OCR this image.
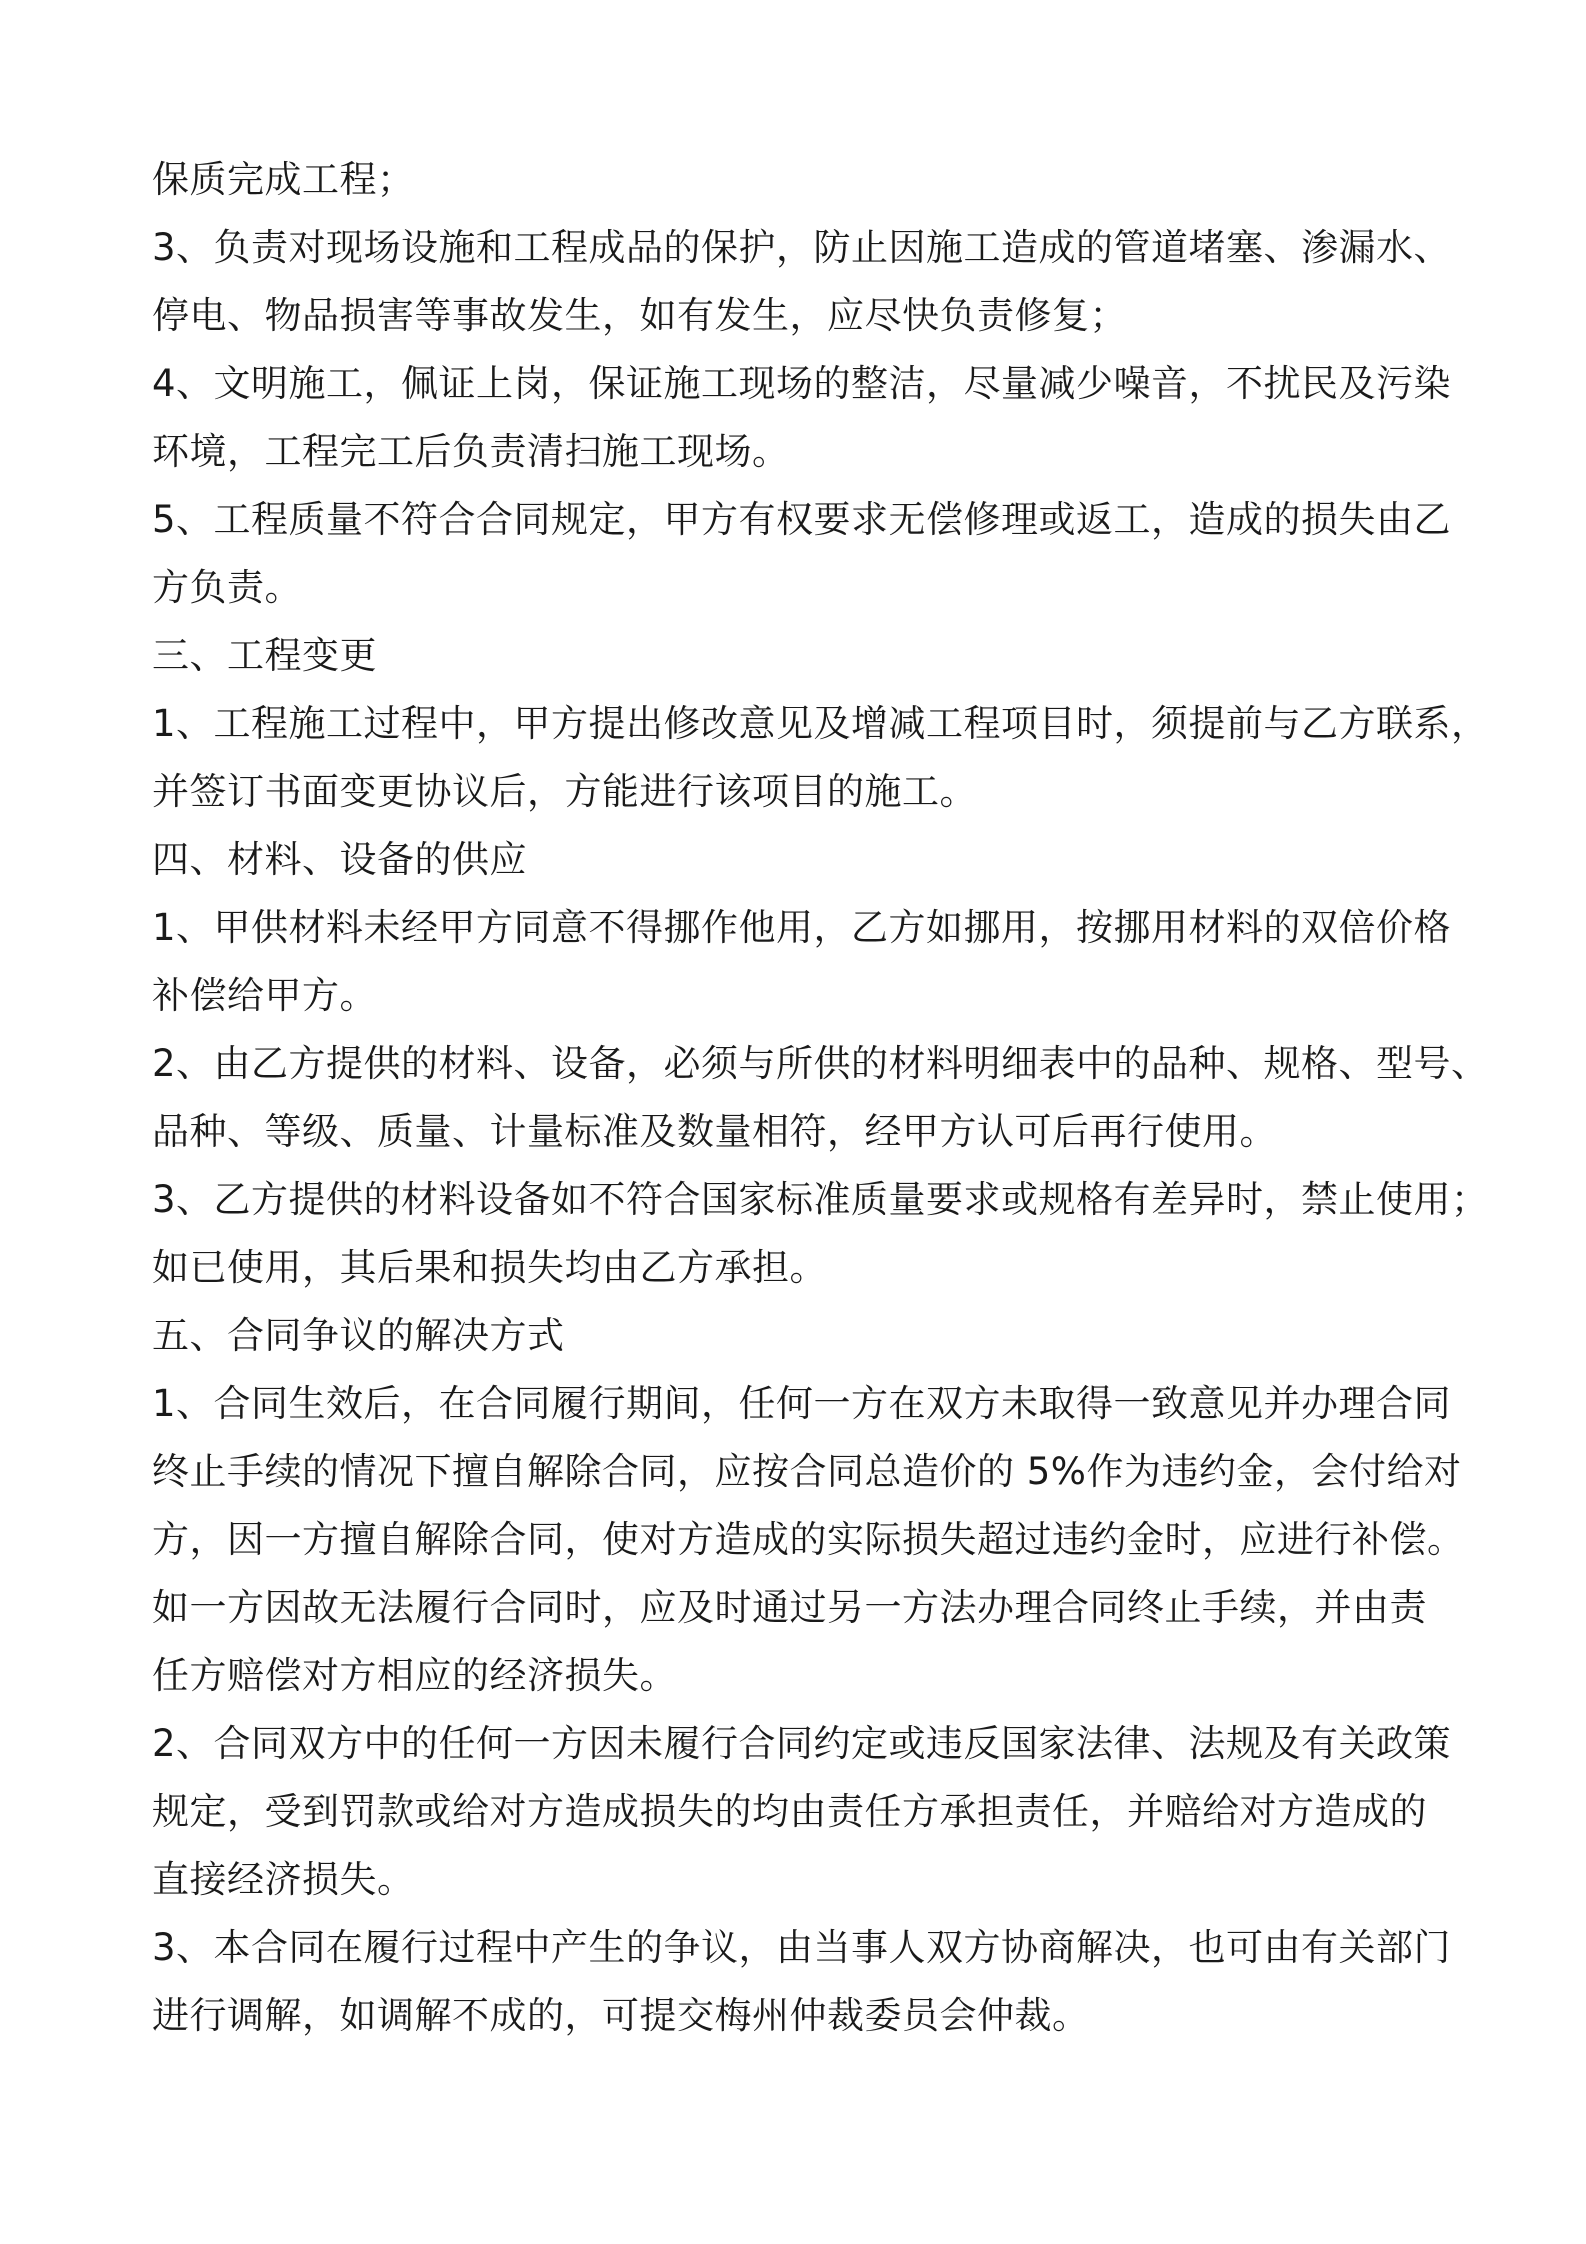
保质完成工程；
3、负责对现场设施和工程成品的保护，防止因施工造成的管道堵塞、渗漏水、
停电、物品损害等事故发生，如有发生，应尽快负责修复；
4、文明施工，佩证上岗，保证施工现场的整洁，尽量减少噪音，不扰民及污染
环境，工程完工后负责清扫施工现场。
5、工程质量不符合合同规定，甲方有权要求无偿修理或返工，造成的损失由乙
方负责。
三、工程变更
1、工程施工过程中，甲方提出修改意见及增减工程项目时，须提前与乙方联系，
并签订书面变更协议后，方能进行该项目的施工。
四、材料、设备的供应
1、甲供材料未经甲方同意不得挪作他用，乙方如挪用，按挪用材料的双倍价格
补偿给甲方。
2、由乙方提供的材料、设备，必须与所供的材料明细表中的品种、规格、型号、
品种、等级、质量、计量标准及数量相符，经甲方认可后再行使用。
3、乙方提供的材料设备如不符合国家标准质量要求或规格有差异时，禁止使用；
如已使用，其后果和损失均由乙方承担。
五、合同争议的解决方式
1、合同生效后，在合同履行期间，任何一方在双方未取得一致意见并办理合同
终止手续的情况下擅自解除合同，应按合同总造价的 5%作为违约金，会付给对
方，因一方擅自解除合同，使对方造成的实际损失超过违约金时，应进行补偿。
如一方因故无法履行合同时，应及时通过另一方法办理合同终止手续，并由责
任方赔偿对方相应的经济损失。
2、合同双方中的任何一方因未履行合同约定或违反国家法律、法规及有关政策
规定，受到罚款或给对方造成损失的均由责任方承担责任，并赔给对方造成的
直接经济损失。
3、本合同在履行过程中产生的争议，由当事人双方协商解决，也可由有关部门
进行调解，如调解不成的，可提交梅州仲裁委员会仲裁。
